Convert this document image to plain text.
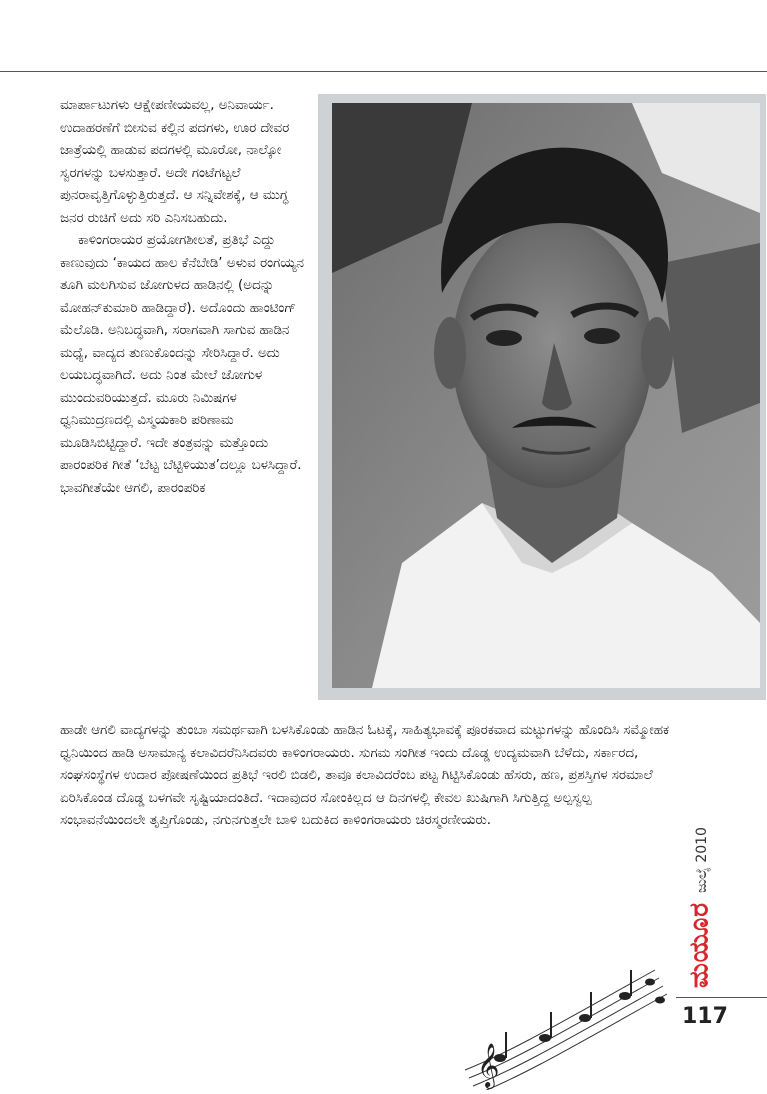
ಮಾರ್ಪಾಟುಗಳು ಆಕ್ಷೇಪಣೀಯವಲ್ಲ, ಅನಿವಾರ್ಯ. ಉದಾಹರಣೆಗೆ ಬೀಸುವ ಕಲ್ಲಿನ ಪದಗಳು, ಊರ ದೇವರ ಜಾತ್ರೆಯಲ್ಲಿ ಹಾಡುವ ಪದಗಳಲ್ಲಿ ಮೂರೋ, ನಾಲ್ಕೋ ಸ್ವರಗಳನ್ನು ಬಳಸುತ್ತಾರೆ. ಅದೇ ಗಂಟೆಗಟ್ಟಲೆ ಪುನರಾವೃತ್ತಿಗೊಳ್ಳುತ್ತಿರುತ್ತದೆ. ಆ ಸನ್ನಿವೇಶಕ್ಕೆ, ಆ ಮುಗ್ಧ ಜನರ ರುಚಿಗೆ ಅದು ಸರಿ ಎನಿಸಬಹುದು.

ಕಾಳಿಂಗರಾಯರ ಪ್ರಯೋಗಶೀಲತೆ, ಪ್ರತಿಭೆ ಎದ್ದು ಕಾಣುವುದು ‘ಕಾಯದ ಹಾಲ ಕೆನೆಬೇಡಿ’ ಅಳುವ ರಂಗಯ್ಯನ ತೂಗಿ ಮಲಗಿಸುವ ಜೋಗುಳದ ಹಾಡಿನಲ್ಲಿ (ಅದನ್ನು ಮೋಹನ್‌ಕುಮಾರಿ ಹಾಡಿದ್ದಾರೆ). ಅದೊಂದು ಹಾಂಟಿಂಗ್ ಮೆಲೊಡಿ. ಅನಿಬದ್ಧವಾಗಿ, ಸರಾಗವಾಗಿ ಸಾಗುವ ಹಾಡಿನ ಮಧ್ಯೆ, ವಾದ್ಯದ ತುಣುಕೊಂದನ್ನು ಸೇರಿಸಿದ್ದಾರೆ. ಅದು ಲಯಬದ್ಧವಾಗಿದೆ. ಅದು ನಿಂತ ಮೇಲೆ ಜೋಗುಳ ಮುಂದುವರಿಯುತ್ತದೆ. ಮೂರು ನಿಮಿಷಗಳ ಧ್ವನಿಮುದ್ರಣದಲ್ಲಿ ವಿಸ್ಮಯಕಾರಿ ಪರಿಣಾಮ ಮೂಡಿಸಿಬಿಟ್ಟಿದ್ದಾರೆ. ಇದೇ ತಂತ್ರವನ್ನು ಮತ್ತೊಂದು ಪಾರಂಪರಿಕ ಗೀತೆ ‘ಬೆಟ್ಟ ಬೆಟ್ಟಿಳಿಯುತ’ದಲ್ಲೂ ಬಳಸಿದ್ದಾರೆ. ಭಾವಗೀತೆಯೇ ಆಗಲಿ, ಪಾರಂಪರಿಕ

ಹಾಡೇ ಆಗಲಿ ವಾದ್ಯಗಳನ್ನು ತುಂಬಾ ಸಮರ್ಥವಾಗಿ ಬಳಸಿಕೊಂಡು ಹಾಡಿನ ಓಟಕ್ಕೆ, ಸಾಹಿತ್ಯಭಾವಕ್ಕೆ ಪೂರಕವಾದ ಮಟ್ಟುಗಳನ್ನು ಹೊಂದಿಸಿ ಸಮ್ಮೋಹಕ ಧ್ವನಿಯಿಂದ ಹಾಡಿ ಅಸಾಮಾನ್ಯ ಕಲಾವಿದರೆನಿಸಿದವರು ಕಾಳಿಂಗರಾಯರು. ಸುಗಮ ಸಂಗೀತ ಇಂದು ದೊಡ್ಡ ಉದ್ಯಮವಾಗಿ ಬೆಳೆದು, ಸರ್ಕಾರದ, ಸಂಘಸಂಸ್ಥೆಗಳ ಉದಾರ ಪೋಷಣೆಯಿಂದ ಪ್ರತಿಭೆ ಇರಲಿ ಬಿಡಲಿ, ತಾವೂ ಕಲಾವಿದರೆಂಬ ಪಟ್ಟ ಗಿಟ್ಟಿಸಿಕೊಂಡು ಹೆಸರು, ಹಣ, ಪ್ರಶಸ್ತಿಗಳ ಸರಮಾಲೆ ಏರಿಸಿಕೊಂಡ ದೊಡ್ಡ ಬಳಗವೇ ಸೃಷ್ಟಿಯಾದಂತಿದೆ. ಇದಾವುದರ ಸೋಂಕಿಲ್ಲದ ಆ ದಿನಗಳಲ್ಲಿ ಕೇವಲ ಖುಷಿಗಾಗಿ ಸಿಗುತ್ತಿದ್ದ ಅಲ್ಪಸ್ವಲ್ಪ ಸಂಭಾವನೆಯಿಂದಲೇ ತೃಪ್ತಿಗೊಂಡು, ನಗುನಗುತ್ತಲೇ ಬಾಳಿ ಬದುಕಿದ ಕಾಳಿಂಗರಾಯರು ಚಿರಸ್ಮರಣೀಯರು.
ಜುಲೈ 2010
ಮಯೂರ
𝄞
117
